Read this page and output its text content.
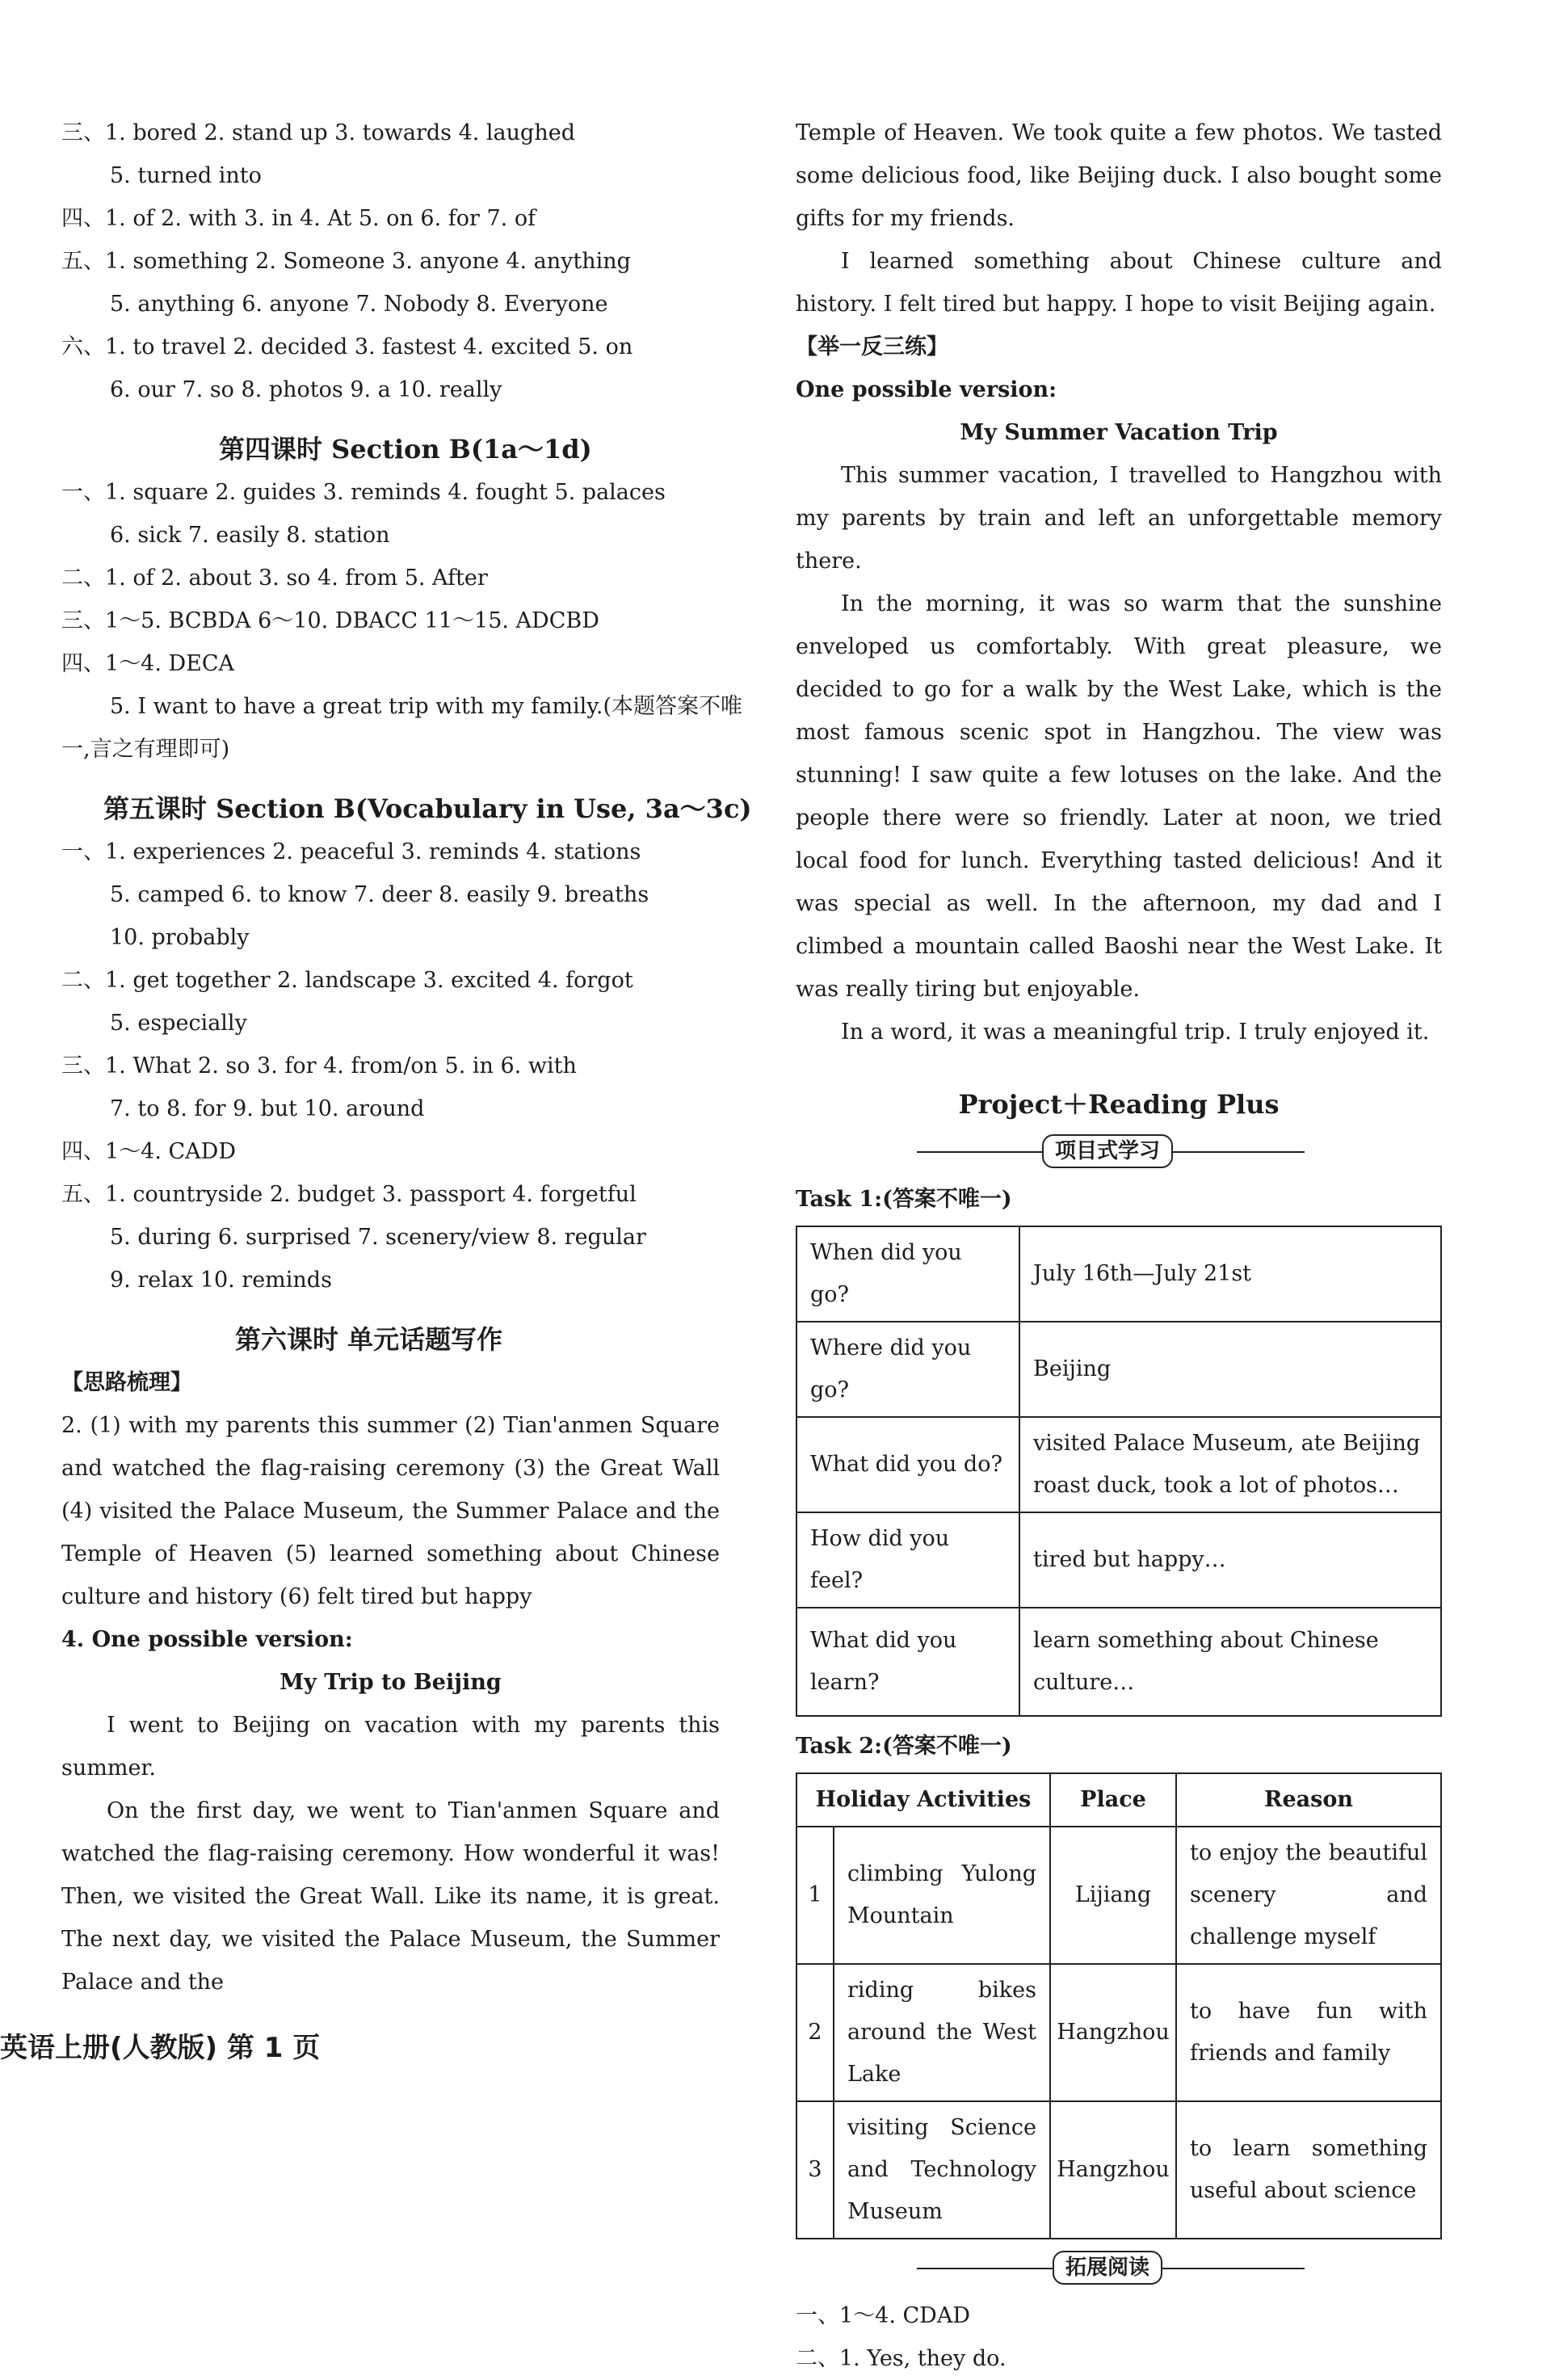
三、1. bored 2. stand up 3. towards 4. laughed
5. turned into
四、1. of 2. with 3. in 4. At 5. on 6. for 7. of
五、1. something 2. Someone 3. anyone 4. anything
5. anything 6. anyone 7. Nobody 8. Everyone
六、1. to travel 2. decided 3. fastest 4. excited 5. on
6. our 7. so 8. photos 9. a 10. really
第四课时 Section B(1a～1d)
一、1. square 2. guides 3. reminds 4. fought 5. palaces
6. sick 7. easily 8. station
二、1. of 2. about 3. so 4. from 5. After
三、1～5. BCBDA 6～10. DBACC 11～15. ADCBD
四、1～4. DECA
5. I want to have a great trip with my family.(本题答案不唯
一,言之有理即可)
第五课时 Section B(Vocabulary in Use, 3a～3c)
一、1. experiences 2. peaceful 3. reminds 4. stations
5. camped 6. to know 7. deer 8. easily 9. breaths
10. probably
二、1. get together 2. landscape 3. excited 4. forgot
5. especially
三、1. What 2. so 3. for 4. from/on 5. in 6. with
7. to 8. for 9. but 10. around
四、1～4. CADD
五、1. countryside 2. budget 3. passport 4. forgetful
5. during 6. surprised 7. scenery/view 8. regular
9. relax 10. reminds
第六课时 单元话题写作
【思路梳理】
2. (1) with my parents this summer (2) Tian'anmen Square and watched the flag-raising ceremony (3) the Great Wall (4) visited the Palace Museum, the Summer Palace and the Temple of Heaven (5) learned something about Chinese culture and history (6) felt tired but happy
4. One possible version:
My Trip to Beijing
I went to Beijing on vacation with my parents this summer.
On the first day, we went to Tian'anmen Square and watched the flag-raising ceremony. How wonderful it was! Then, we visited the Great Wall. Like its name, it is great. The next day, we visited the Palace Museum, the Summer Palace and the
Temple of Heaven. We took quite a few photos. We tasted some delicious food, like Beijing duck. I also bought some gifts for my friends.
I learned something about Chinese culture and history. I felt tired but happy. I hope to visit Beijing again.
【举一反三练】
One possible version:
My Summer Vacation Trip
This summer vacation, I travelled to Hangzhou with my parents by train and left an unforgettable memory there.
In the morning, it was so warm that the sunshine enveloped us comfortably. With great pleasure, we decided to go for a walk by the West Lake, which is the most famous scenic spot in Hangzhou. The view was stunning! I saw quite a few lotuses on the lake. And the people there were so friendly. Later at noon, we tried local food for lunch. Everything tasted delicious! And it was special as well. In the afternoon, my dad and I climbed a mountain called Baoshi near the West Lake. It was really tiring but enjoyable.
In a word, it was a meaningful trip. I truly enjoyed it.
Project＋Reading Plus
项目式学习
Task 1:(答案不唯一)
When did you go?	July 16th—July 21st
Where did you go?	Beijing
What did you do?	visited Palace Museum, ate Beijing roast duck, took a lot of photos…
How did you feel?	tired but happy…
What did you learn?	learn something about Chinese culture…
Task 2:(答案不唯一)
Holiday Activities		Place	Reason
1	climbing Yulong Mountain	Lijiang	to enjoy the beautiful scenery and challenge myself
2	riding bikes around the West Lake	Hangzhou	to have fun with friends and family
3	visiting Science and Technology Museum	Hangzhou	to learn something useful about science
拓展阅读
一、1～4. CDAD
二、1. Yes, they do.
英语上册(人教版) 第 1 页
